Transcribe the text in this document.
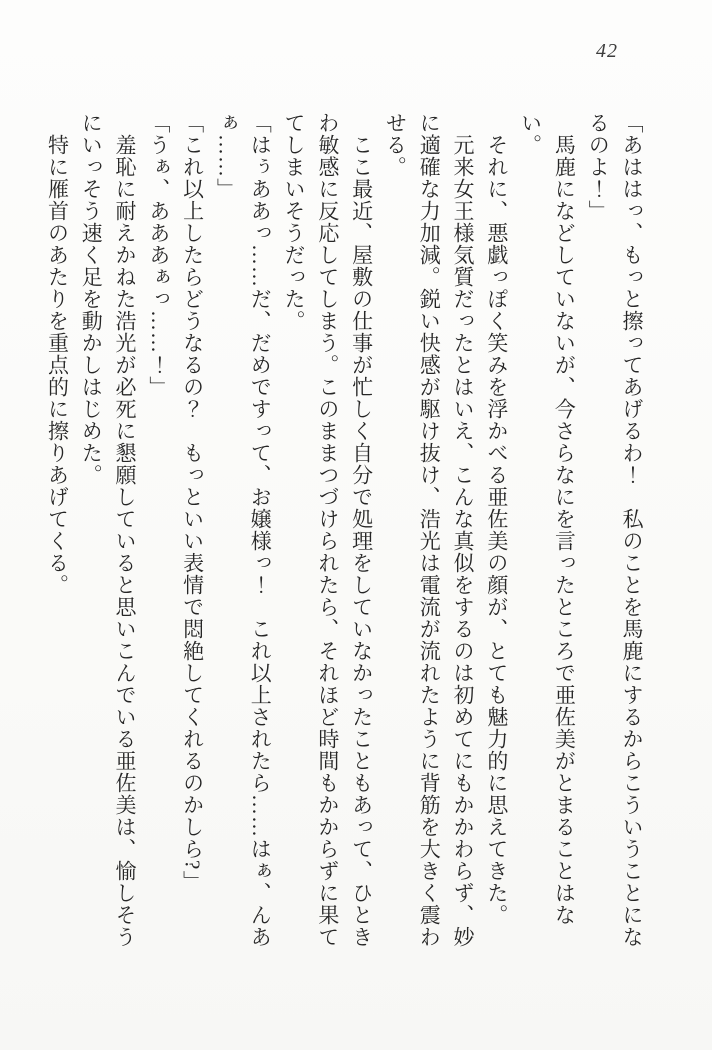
42

「あははっ、もっと擦ってあげるわ！　私のことを馬鹿にするからこういうことになるのよ！」

　馬鹿になどしていないが、今さらなにを言ったところで亜佐美がとまることはない。

　それに、悪戯っぽく笑みを浮かべる亜佐美の顔が、とても魅力的に思えてきた。

　元来女王様気質だったとはいえ、こんな真似をするのは初めてにもかかわらず、妙に適確な力加減。鋭い快感が駆け抜け、浩光は電流が流れたように背筋を大きく震わせる。

　ここ最近、屋敷の仕事が忙しく自分で処理をしていなかったこともあって、ひときわ敏感に反応してしまう。このままつづけられたら、それほど時間もかからずに果ててしまいそうだった。

「はぅああっ……だ、だめですって、お嬢様っ！　これ以上されたら……はぁ、んあぁ……」

「これ以上したらどうなるの？　もっといい表情で悶絶してくれるのかしら?」

「うぁ、あああぁっ……！」

　羞恥に耐えかねた浩光が必死に懇願していると思いこんでいる亜佐美は、愉しそうにいっそう速く足を動かしはじめた。

　特に雁首のあたりを重点的に擦りあげてくる。
